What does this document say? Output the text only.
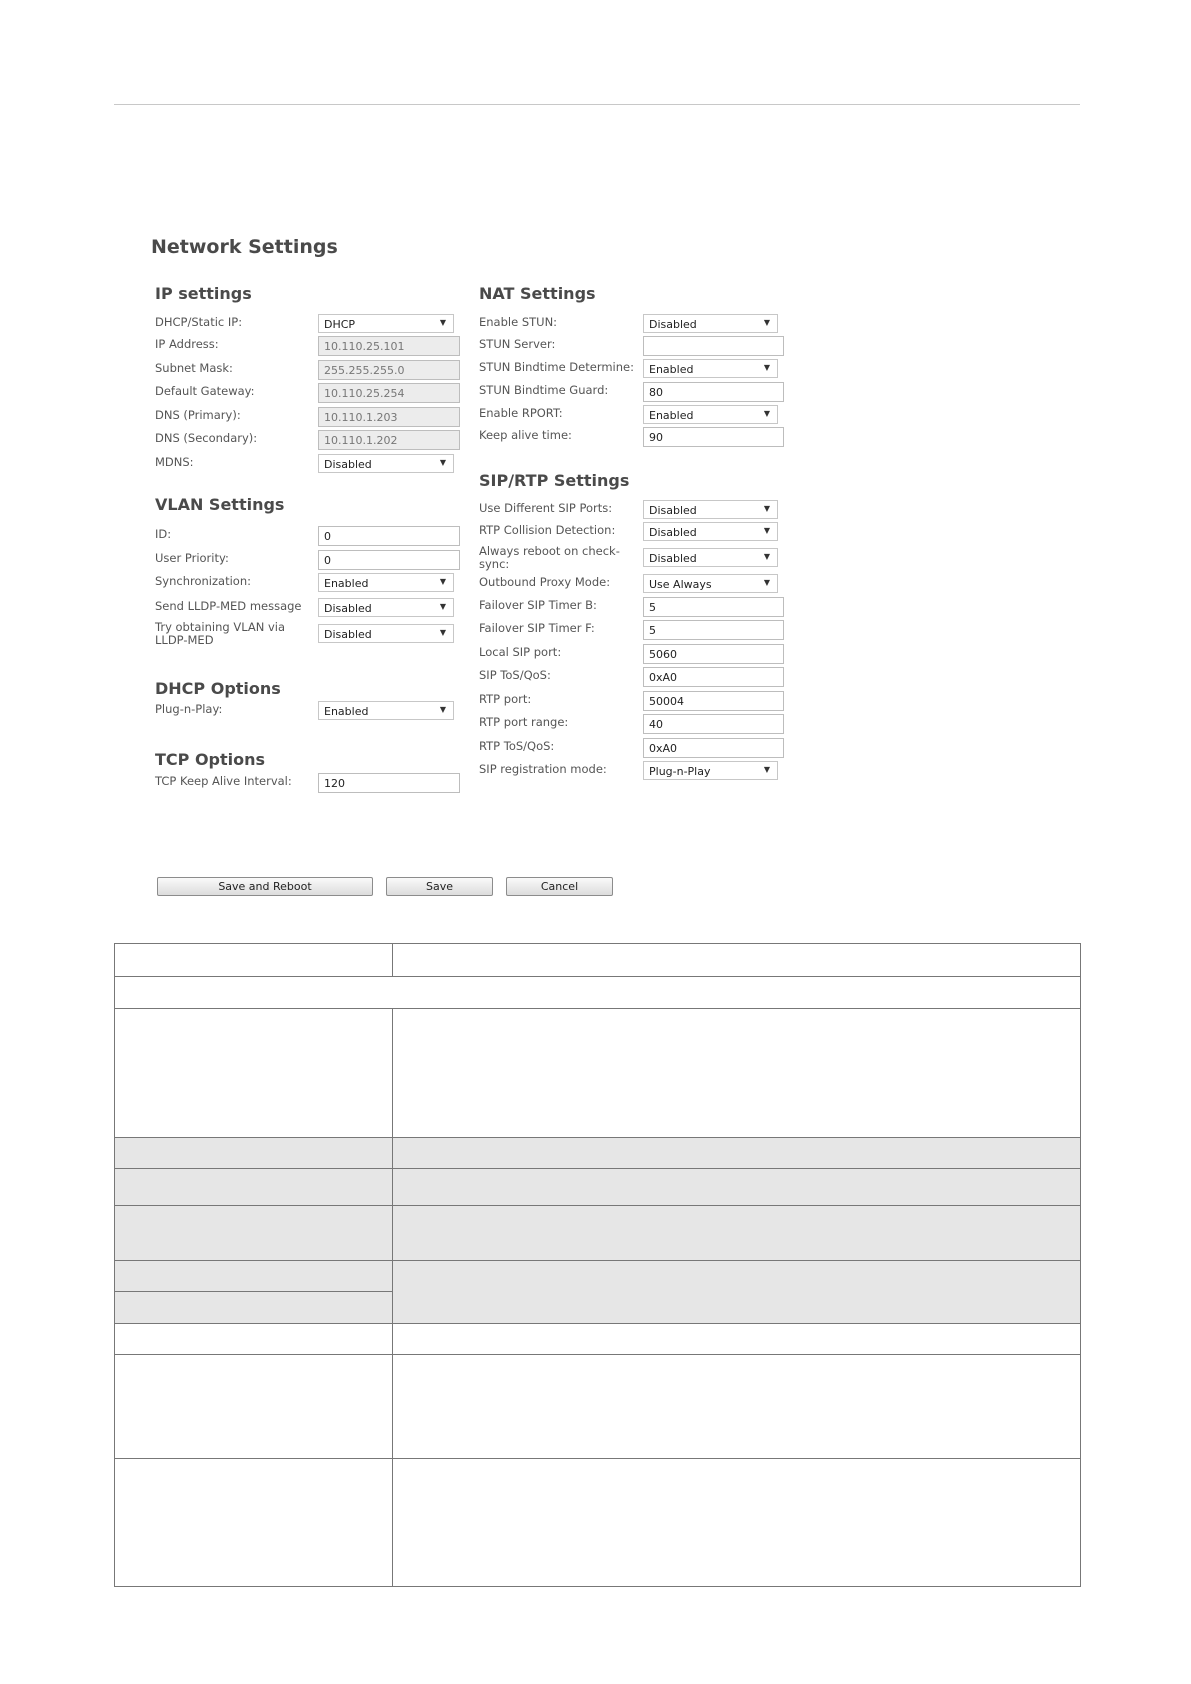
Network Settings
IP settings
VLAN Settings
DHCP Options
TCP Options
NAT Settings
SIP/RTP Settings
DHCP/Static IP:	DHCP	▼
IP Address:	10.110.25.101
Subnet Mask:	255.255.255.0
Default Gateway:	10.110.25.254
DNS (Primary):	10.110.1.203
DNS (Secondary):	10.110.1.202
MDNS:	Disabled	▼
ID:	0
User Priority:	0
Synchronization:	Enabled	▼
Send LLDP-MED message	Disabled	▼
Try obtaining VLAN via LLDP-MED	Disabled	▼
Plug-n-Play:	Enabled	▼
TCP Keep Alive Interval:	120
Enable STUN:	Disabled	▼
STUN Server:
STUN Bindtime Determine:	Enabled	▼
STUN Bindtime Guard:	80
Enable RPORT:	Enabled	▼
Keep alive time:	90
Use Different SIP Ports:	Disabled	▼
RTP Collision Detection:	Disabled	▼
Always reboot on check-sync:	Disabled	▼
Outbound Proxy Mode:	Use Always	▼
Failover SIP Timer B:	5
Failover SIP Timer F:	5
Local SIP port:	5060
SIP ToS/QoS:	0xA0
RTP port:	50004
RTP port range:	40
RTP ToS/QoS:	0xA0
SIP registration mode:	Plug-n-Play	▼
Save and Reboot	Save	Cancel
